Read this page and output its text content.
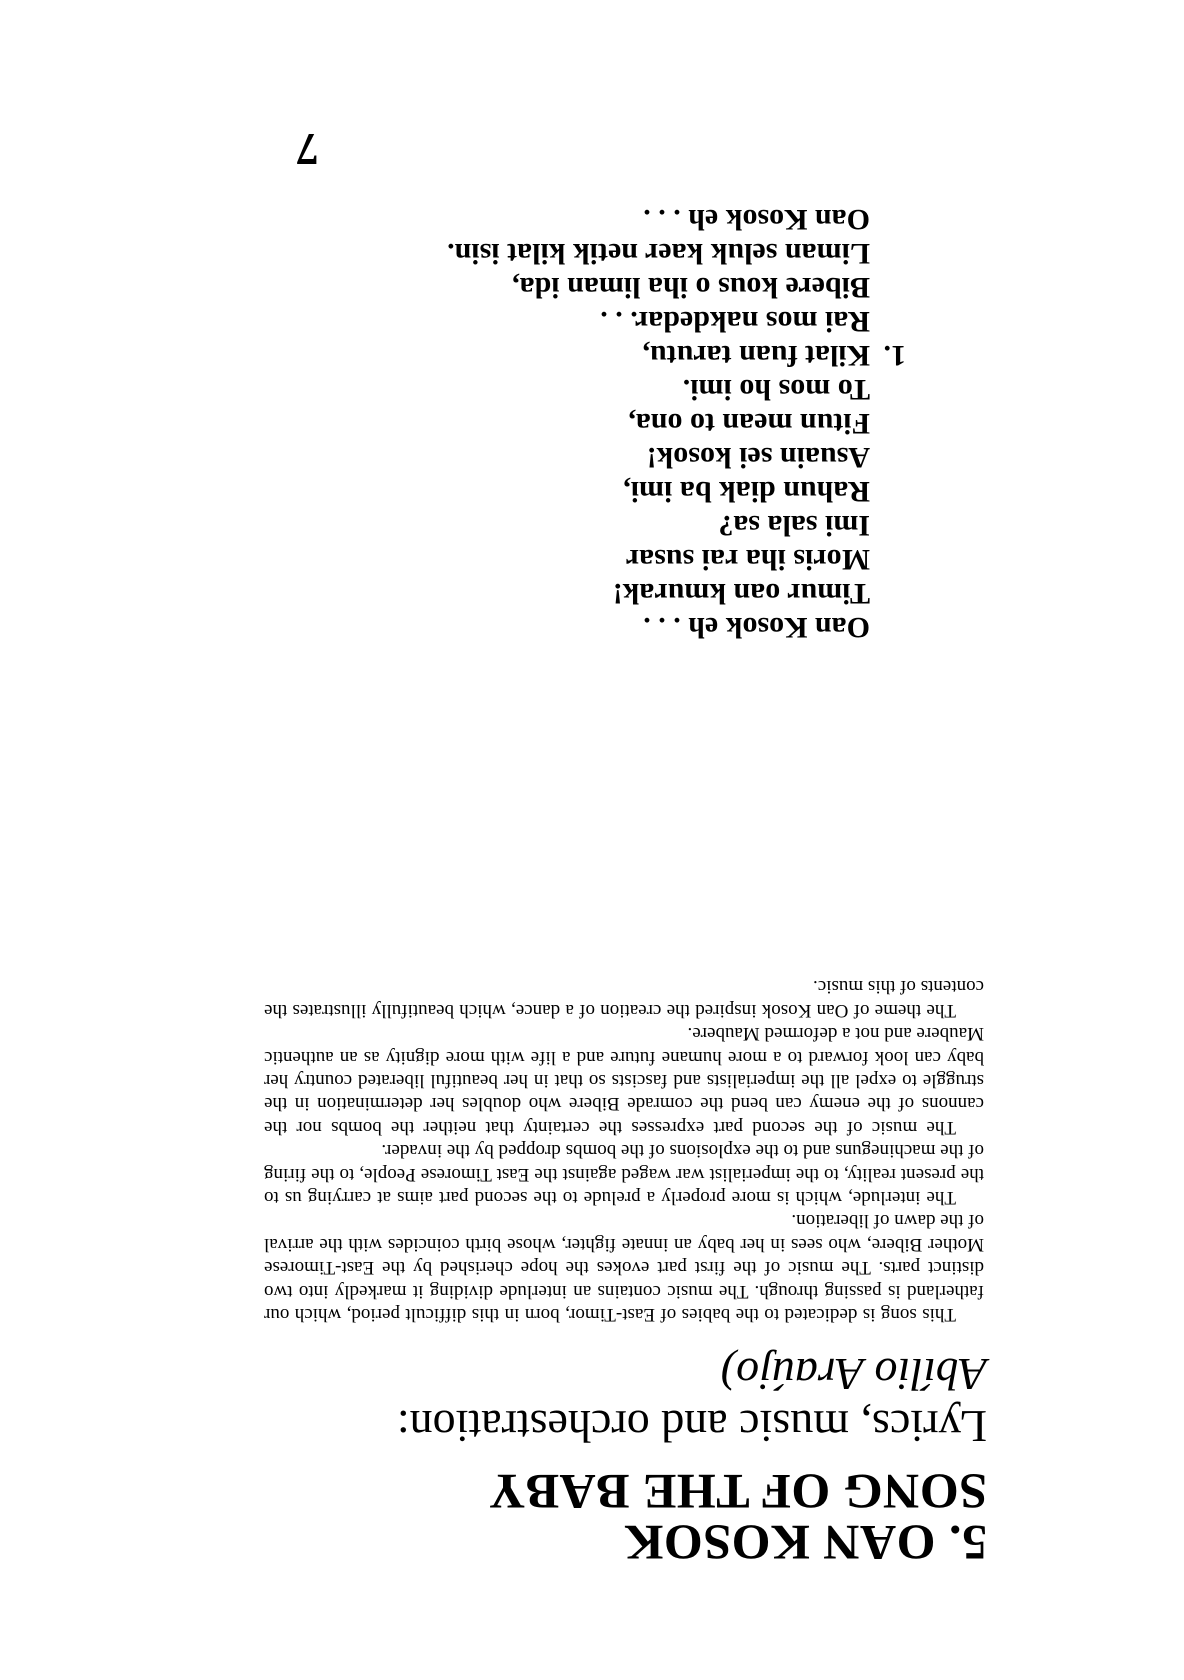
5. OAN KOSOK
SONG OF THE BABY
Lyrics, music and orchestration:
Abílio Araújo)

This song is dedicated to the babies of East-Timor, born in this difficult period, which our fatherland is passing through. The music contains an interlude dividing it markedly into two distinct parts. The music of the first part evokes the hope cherished by the East-Timorese Mother Bibere, who sees in her baby an innate fighter, whose birth coincides with the arrival of the dawn of liberation.

The interlude, which is more properly a prelude to the second part aims at carrying us to the present reality, to the imperialist war waged against the East Timorese People, to the firing of the machineguns and to the explosions of the bombs dropped by the invader.

The music of the second part expresses the certainty that neither the bombs nor the cannons of the enemy can bend the comrade Bibere who doubles her determination in the struggle to expel all the imperialists and fascists so that in her beautiful liberated country her baby can look forward to a more humane future and a life with more dignity as an authentic Maubere and not a deformed Maubere.

The theme of Oan Kosok inspired the creation of a dance, which beautifully illustrates the contents of this music.

Oan Kosok eh . . .
Timur oan kmurak!
Moris iha rai susar
Imi sala sa?
Rahun diak ba imi,
Asuain sei kosok!
Fitun mean to ona,
To mos ho imi.
1.Kilat fuan tarutu,
Rai mos nakdedar. . .
Bibere kous o iha liman ida,
Liman seluk kaer netik kilat isin.
Oan Kosok eh . . .
7
